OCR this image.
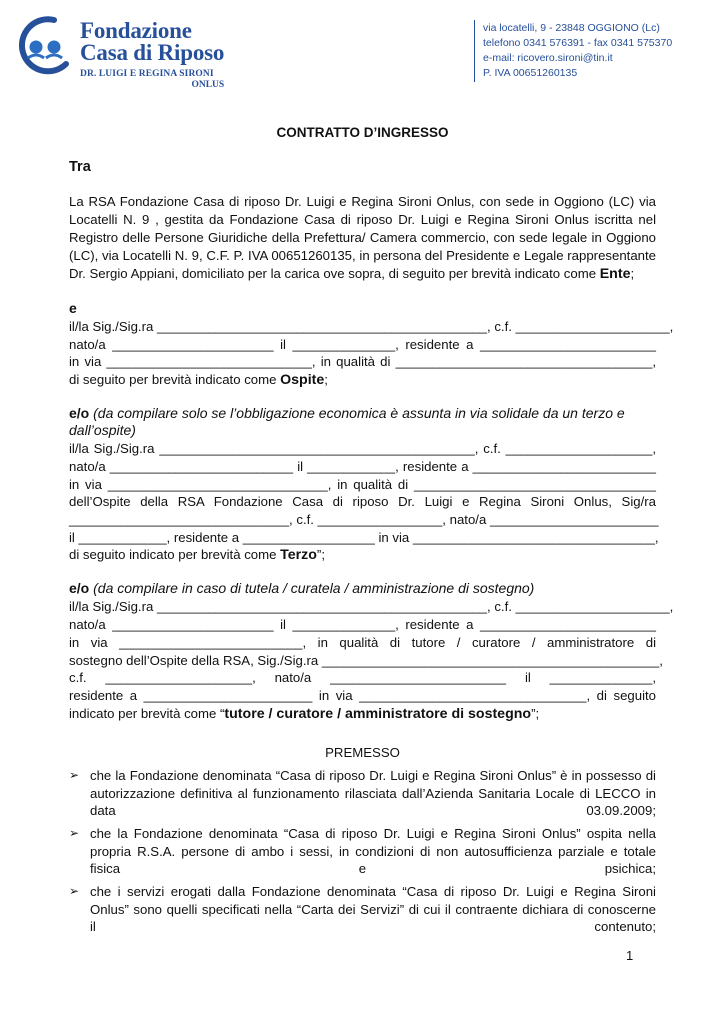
Fondazione
Casa di Riposo
DR. LUIGI E REGINA SIRONI
ONLUS
via locatelli, 9 - 23848 OGGIONO (Lc)
telefono 0341 576391 - fax 0341 575370
e-mail: ricovero.sironi@tin.it
P. IVA 00651260135
CONTRATTO D’INGRESSO
Tra
La RSA Fondazione Casa di riposo Dr. Luigi e Regina Sironi Onlus, con sede in Oggiono (LC) via
Locatelli N. 9 , gestita da Fondazione Casa di riposo Dr. Luigi e Regina Sironi Onlus iscritta nel
Registro delle Persone Giuridiche della Prefettura/ Camera commercio, con sede legale in Oggiono
(LC), via Locatelli N. 9, C.F. P. IVA 00651260135, in persona del Presidente e Legale rappresentante
Dr. Sergio Appiani, domiciliato per la carica ove sopra, di seguito per brevità indicato come Ente;
e
il/la Sig./Sig.ra _____________________________________________, c.f. _____________________,
nato/a ______________________ il ______________, residente a ________________________
in via ____________________________, in qualità di ___________________________________,
di seguito per brevità indicato come Ospite;
e/o (da compilare solo se l’obbligazione economica è assunta in via solidale da un terzo e
dall’ospite)
il/la Sig./Sig.ra ___________________________________________, c.f. ____________________,
nato/a _________________________ il ____________, residente a _________________________
in via ______________________________, in qualità di _________________________________
dell’Ospite della RSA Fondazione Casa di riposo Dr. Luigi e Regina Sironi Onlus, Sig/ra
______________________________, c.f. _________________, nato/a _______________________
il ____________, residente a __________________ in via _________________________________,
di seguito indicato per brevità come Terzo”;
e/o (da compilare in caso di tutela / curatela / amministrazione di sostegno)
il/la Sig./Sig.ra _____________________________________________, c.f. _____________________,
nato/a ______________________ il ______________, residente a ________________________
in via _________________________, in qualità di tutore / curatore / amministratore di
sostegno dell’Ospite della RSA, Sig./Sig.ra ______________________________________________,
c.f. ____________________, nato/a ________________________ il ______________,
residente a _______________________ in via _______________________________, di seguito
indicato per brevità come “tutore / curatore / amministratore di sostegno”;
PREMESSO
➢ che la Fondazione denominata “Casa di riposo Dr. Luigi e Regina Sironi Onlus” è in possesso di
autorizzazione definitiva al funzionamento rilasciata dall’Azienda Sanitaria Locale di LECCO in
data 03.09.2009;
➢ che la Fondazione denominata “Casa di riposo Dr. Luigi e Regina Sironi Onlus” ospita nella
propria R.S.A. persone di ambo i sessi, in condizioni di non autosufficienza parziale e totale
fisica e psichica;
➢ che i servizi erogati dalla Fondazione denominata “Casa di riposo Dr. Luigi e Regina Sironi
Onlus” sono quelli specificati nella “Carta dei Servizi” di cui il contraente dichiara di conoscerne
il contenuto;
1
